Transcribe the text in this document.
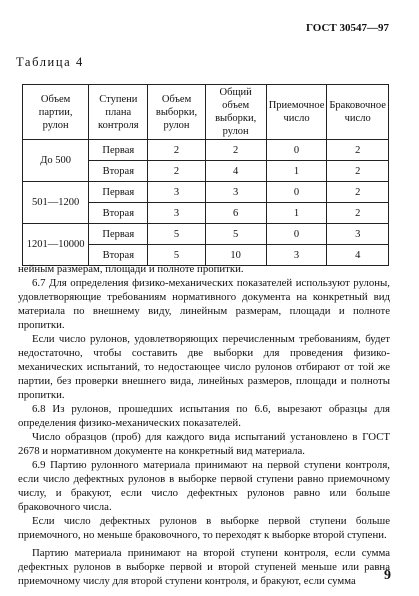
ГОСТ 30547—97
Таблица 4
Объем партии, рулон	Ступени плана контроля	Объем выборки, рулон	Общий объем выборки, рулон	Приемочное число	Браковочное число
До 500	Первая	2	2	0	2
	Вторая	2	4	1	2
501—1200	Первая	3	3	0	2
	Вторая	3	6	1	2
1201—10000	Первая	5	5	0	3
	Вторая	5	10	3	4

нейным размерам, площади и полноте пропитки.

6.7 Для определения физико-механических показателей используют рулоны, удовлетворяющие требованиям нормативного документа на конкретный вид материала по внешнему виду, линейным размерам, площади и полноте пропитки.

Если число рулонов, удовлетворяющих перечисленным требованиям, будет недостаточно, чтобы составить две выборки для проведения физико-механических испытаний, то недостающее число рулонов отбирают от той же партии, без проверки внешнего вида, линейных размеров, площади и полноты пропитки.

6.8 Из рулонов, прошедших испытания по 6.6, вырезают образцы для определения физико-механических показателей.

Число образцов (проб) для каждого вида испытаний установлено в ГОСТ 2678 и нормативном документе на конкретный вид материала.

6.9 Партию рулонного материала принимают на первой ступени контроля, если число дефектных рулонов в выборке первой ступени равно приемочному числу, и бракуют, если число дефектных рулонов равно или больше браковочного числа.

Если число дефектных рулонов в выборке первой ступени больше приемочного, но меньше браковочного, то переходят к выборке второй ступени.

Партию материала принимают на второй ступени контроля, если сумма дефектных рулонов в выборке первой и второй ступеней меньше или равна приемочному числу для второй ступени контроля, и бракуют, если сумма	9
